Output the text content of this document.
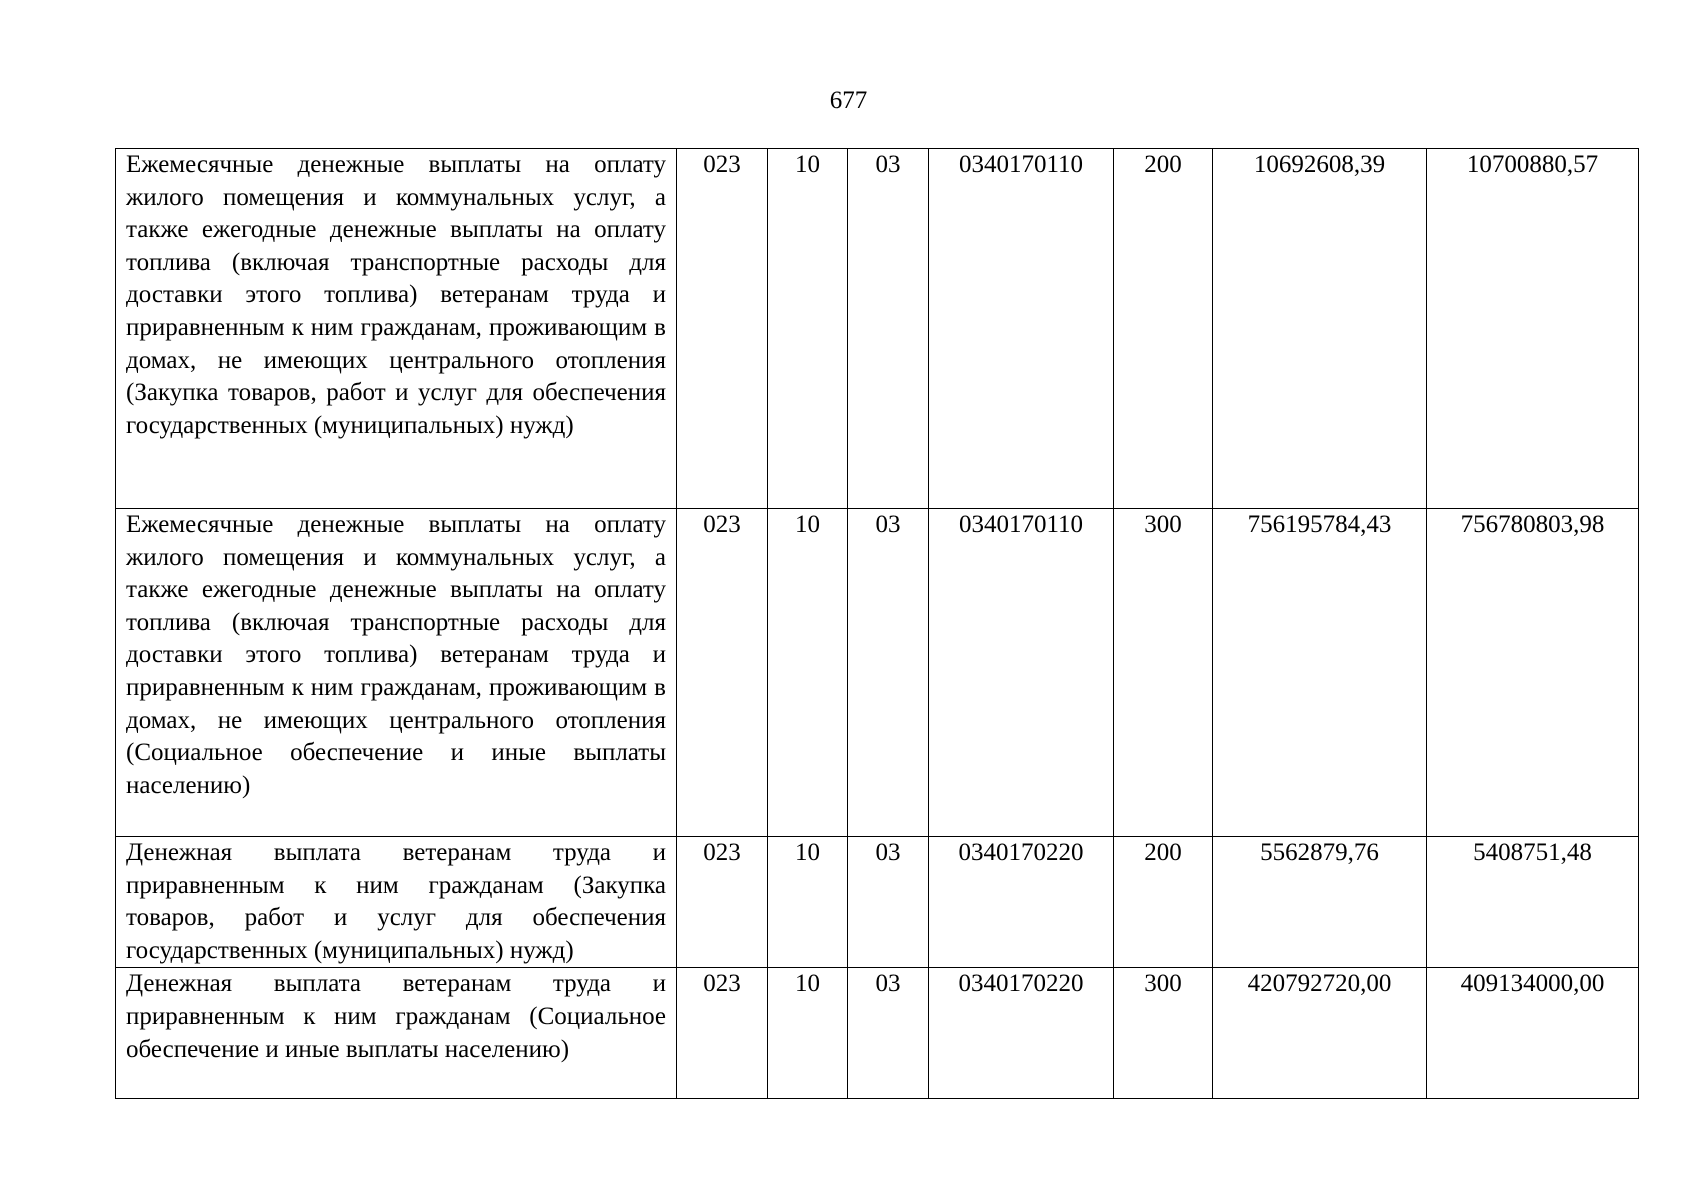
677
Ежемесячные денежные выплаты на оплату жилого помещения и коммунальных услуг, а также ежегодные денежные выплаты на оплату топлива (включая транспортные расходы для доставки этого топлива) ветеранам труда и приравненным к ним гражданам, проживающим в домах, не имеющих центрального отопления (Закупка товаров, работ и услуг для обеспечения государственных (муниципальных) нужд)	023	10	03	0340170110	200	10692608,39	10700880,57
Ежемесячные денежные выплаты на оплату жилого помещения и коммунальных услуг, а также ежегодные денежные выплаты на оплату топлива (включая транспортные расходы для доставки этого топлива) ветеранам труда и приравненным к ним гражданам, проживающим в домах, не имеющих центрального отопления (Социальное обеспечение и иные выплаты населению)	023	10	03	0340170110	300	756195784,43	756780803,98
Денежная выплата ветеранам труда и приравненным к ним гражданам (Закупка товаров, работ и услуг для обеспечения государственных (муниципальных) нужд)	023	10	03	0340170220	200	5562879,76	5408751,48
Денежная выплата ветеранам труда и приравненным к ним гражданам (Социальное обеспечение и иные выплаты населению)	023	10	03	0340170220	300	420792720,00	409134000,00
